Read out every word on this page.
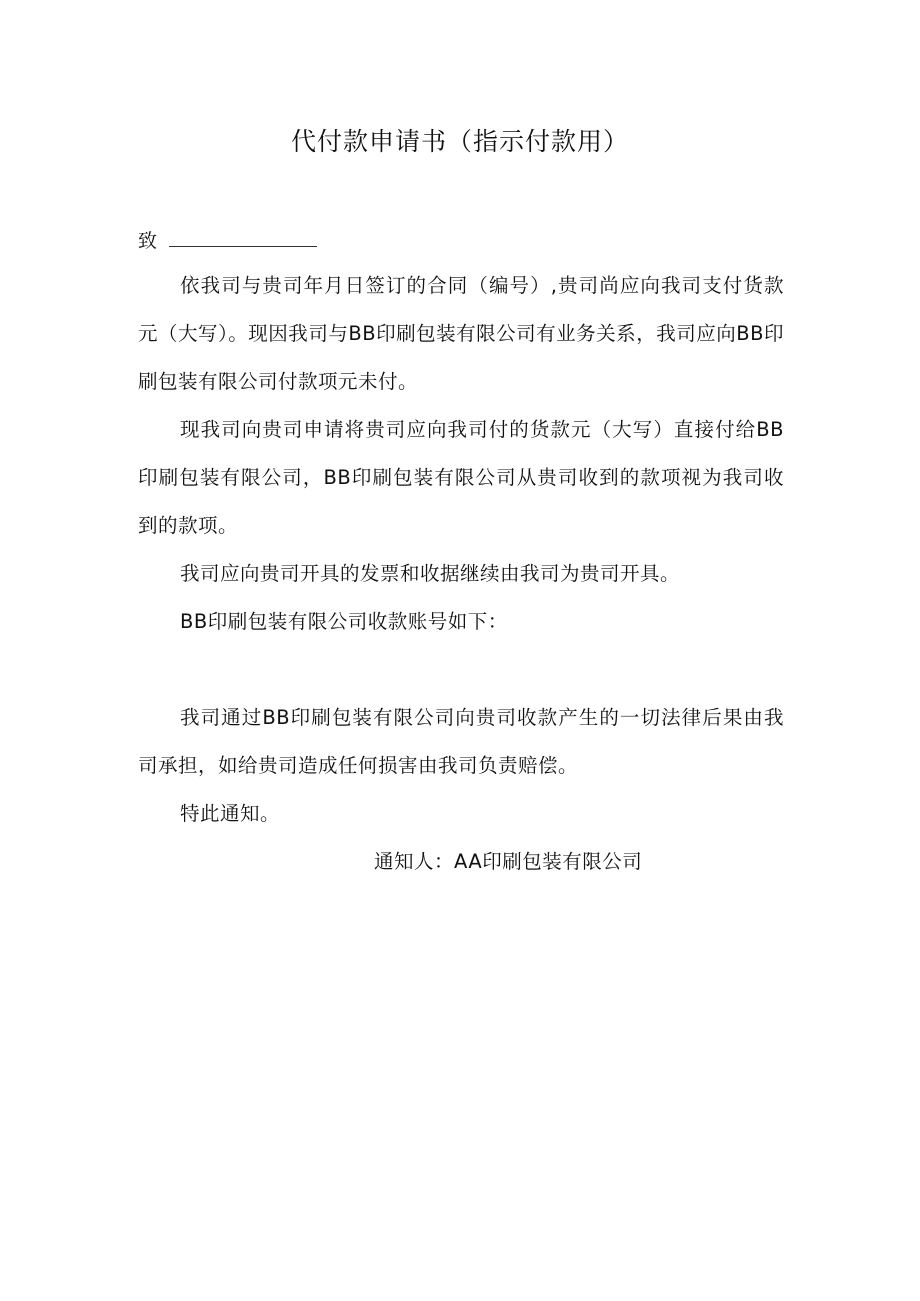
代付款申请书（指示付款用）
致

依我司与贵司年月日签订的合同（编号）,贵司尚应向我司支付货款元（大写）。现因我司与BB印刷包装有限公司有业务关系，我司应向BB印刷包装有限公司付款项元未付。

现我司向贵司申请将贵司应向我司付的货款元（大写）直接付给BB印刷包装有限公司，BB印刷包装有限公司从贵司收到的款项视为我司收到的款项。

我司应向贵司开具的发票和收据继续由我司为贵司开具。

BB印刷包装有限公司收款账号如下：

我司通过BB印刷包装有限公司向贵司收款产生的一切法律后果由我司承担，如给贵司造成任何损害由我司负责赔偿。

特此通知。

通知人：AA印刷包装有限公司
